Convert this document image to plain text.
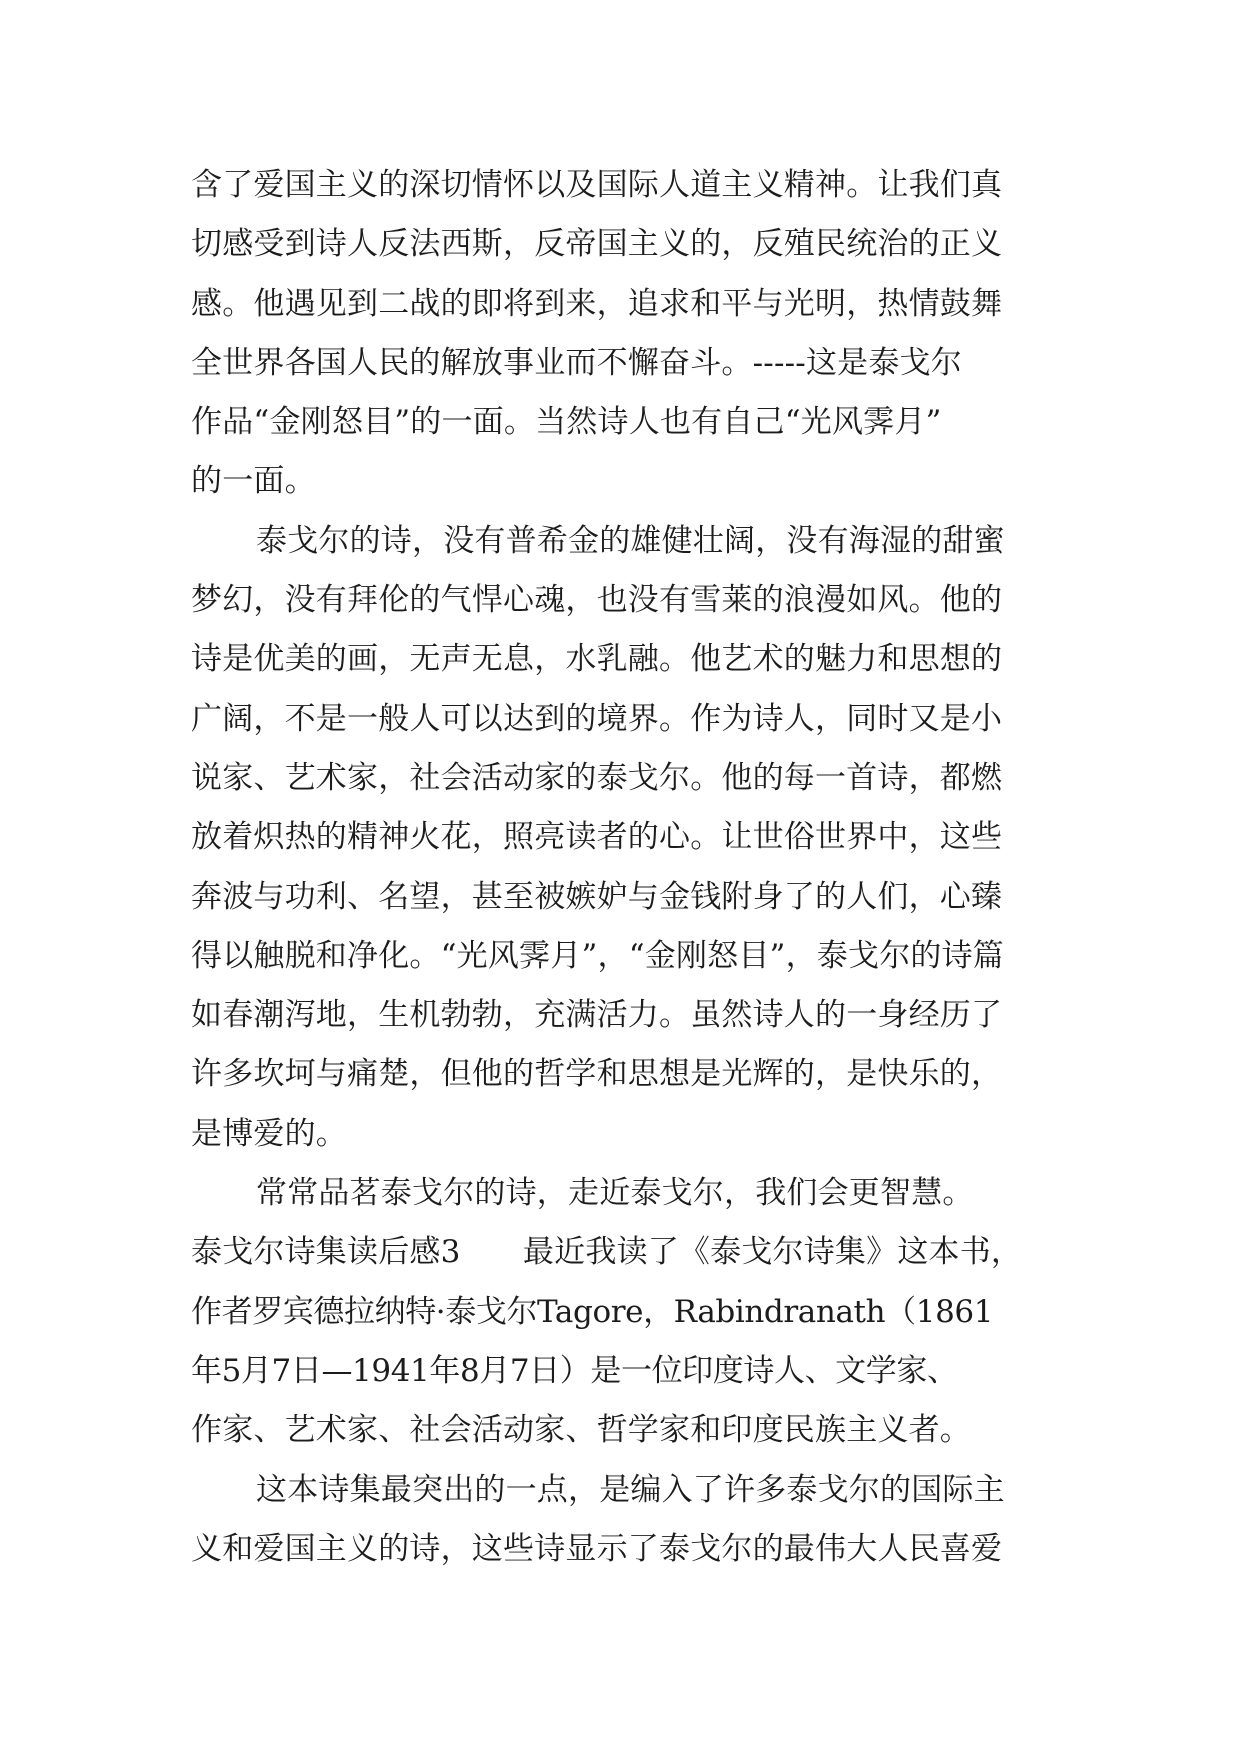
含了爱国主义的深切情怀以及国际人道主义精神。让我们真
切感受到诗人反法西斯，反帝国主义的，反殖民统治的正义
感。他遇见到二战的即将到来，追求和平与光明，热情鼓舞
全世界各国人民的解放事业而不懈奋斗。-----这是泰戈尔
作品“金刚怒目”的一面。当然诗人也有自己“光风霁月”
的一面。
泰戈尔的诗，没有普希金的雄健壮阔，没有海湿的甜蜜
梦幻，没有拜伦的气悍心魂，也没有雪莱的浪漫如风。他的
诗是优美的画，无声无息，水乳融。他艺术的魅力和思想的
广阔，不是一般人可以达到的境界。作为诗人，同时又是小
说家、艺术家，社会活动家的泰戈尔。他的每一首诗，都燃
放着炽热的精神火花，照亮读者的心。让世俗世界中，这些
奔波与功利、名望，甚至被嫉妒与金钱附身了的人们，心臻
得以触脱和净化。“光风霁月”，“金刚怒目”，泰戈尔的诗篇
如春潮泻地，生机勃勃，充满活力。虽然诗人的一身经历了
许多坎坷与痛楚，但他的哲学和思想是光辉的，是快乐的，
是博爱的。
常常品茗泰戈尔的诗，走近泰戈尔，我们会更智慧。
泰戈尔诗集读后感3　　最近我读了《泰戈尔诗集》这本书，
作者罗宾德拉纳特·泰戈尔Tagore，Rabindranath（1861
年5月7日—1941年8月7日）是一位印度诗人、文学家、
作家、艺术家、社会活动家、哲学家和印度民族主义者。
这本诗集最突出的一点，是编入了许多泰戈尔的国际主
义和爱国主义的诗，这些诗显示了泰戈尔的最伟大人民喜爱
